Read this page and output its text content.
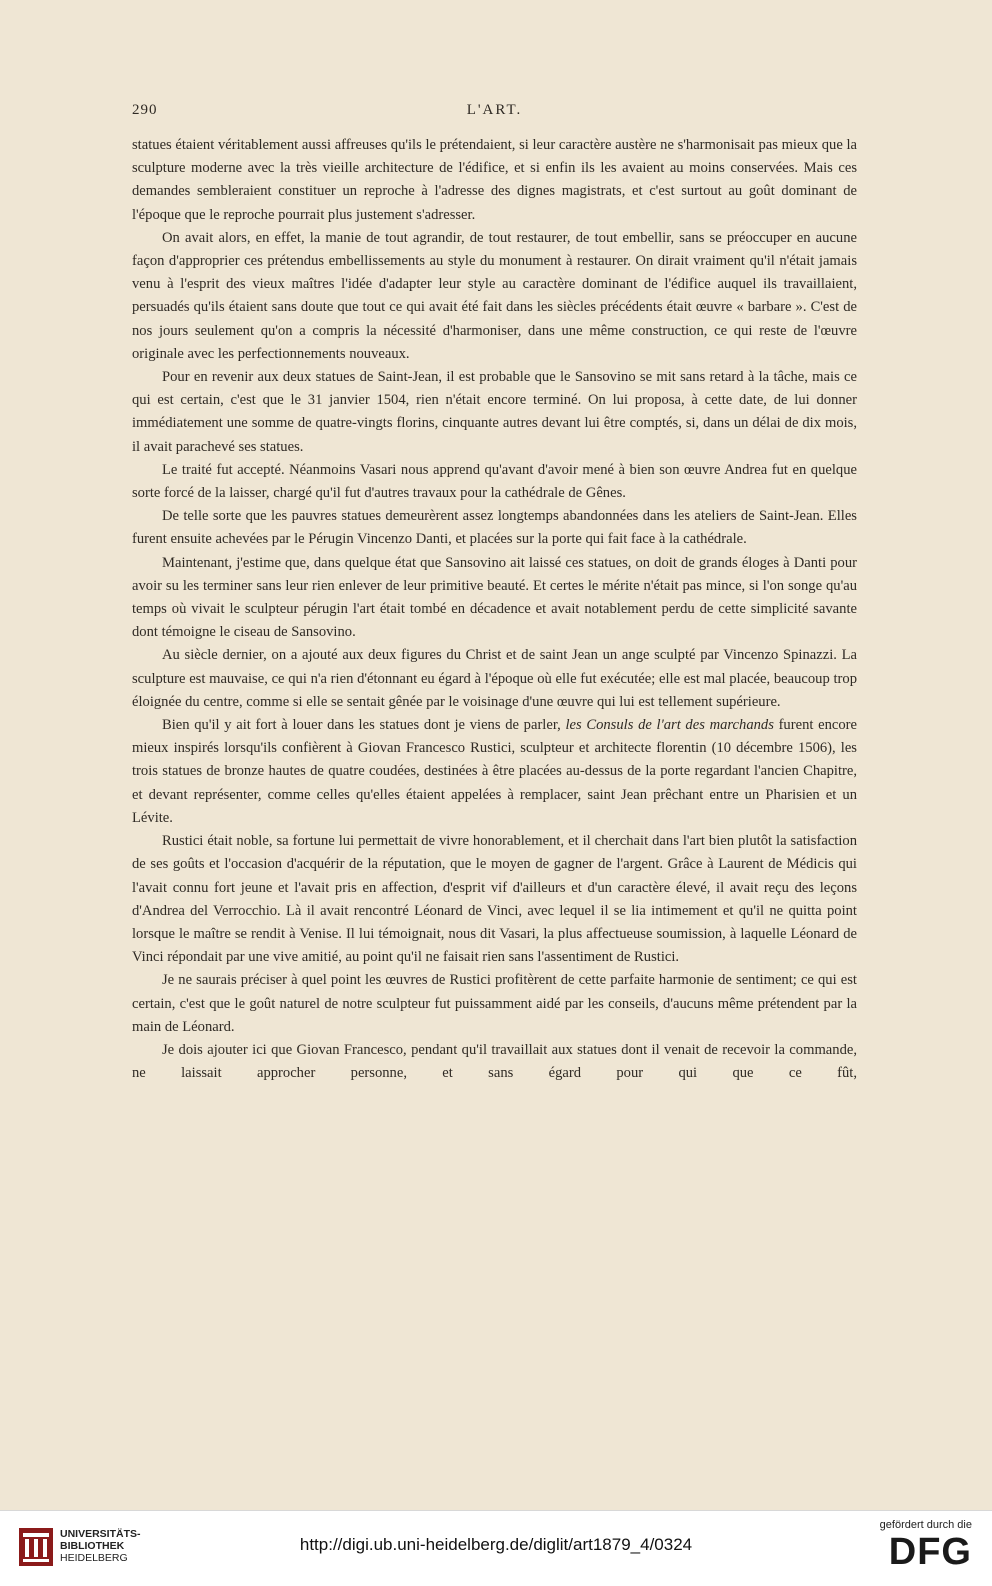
290	L'ART.

statues étaient véritablement aussi affreuses qu'ils le prétendaient, si leur caractère austère ne s'harmonisait pas mieux que la sculpture moderne avec la très vieille architecture de l'édifice, et si enfin ils les avaient au moins conservées. Mais ces demandes sembleraient constituer un reproche à l'adresse des dignes magistrats, et c'est surtout au goût dominant de l'époque que le reproche pourrait plus justement s'adresser.

On avait alors, en effet, la manie de tout agrandir, de tout restaurer, de tout embellir, sans se préoccuper en aucune façon d'approprier ces prétendus embellissements au style du monument à restaurer. On dirait vraiment qu'il n'était jamais venu à l'esprit des vieux maîtres l'idée d'adapter leur style au caractère dominant de l'édifice auquel ils travaillaient, persuadés qu'ils étaient sans doute que tout ce qui avait été fait dans les siècles précédents était œuvre « barbare ». C'est de nos jours seulement qu'on a compris la nécessité d'harmoniser, dans une même construction, ce qui reste de l'œuvre originale avec les perfectionnements nouveaux.

Pour en revenir aux deux statues de Saint-Jean, il est probable que le Sansovino se mit sans retard à la tâche, mais ce qui est certain, c'est que le 31 janvier 1504, rien n'était encore terminé. On lui proposa, à cette date, de lui donner immédiatement une somme de quatre-vingts florins, cinquante autres devant lui être comptés, si, dans un délai de dix mois, il avait parachevé ses statues.

Le traité fut accepté. Néanmoins Vasari nous apprend qu'avant d'avoir mené à bien son œuvre Andrea fut en quelque sorte forcé de la laisser, chargé qu'il fut d'autres travaux pour la cathédrale de Gênes.

De telle sorte que les pauvres statues demeurèrent assez longtemps abandonnées dans les ateliers de Saint-Jean. Elles furent ensuite achevées par le Pérugin Vincenzo Danti, et placées sur la porte qui fait face à la cathédrale.

Maintenant, j'estime que, dans quelque état que Sansovino ait laissé ces statues, on doit de grands éloges à Danti pour avoir su les terminer sans leur rien enlever de leur primitive beauté. Et certes le mérite n'était pas mince, si l'on songe qu'au temps où vivait le sculpteur pérugin l'art était tombé en décadence et avait notablement perdu de cette simplicité savante dont témoigne le ciseau de Sansovino.

Au siècle dernier, on a ajouté aux deux figures du Christ et de saint Jean un ange sculpté par Vincenzo Spinazzi. La sculpture est mauvaise, ce qui n'a rien d'étonnant eu égard à l'époque où elle fut exécutée; elle est mal placée, beaucoup trop éloignée du centre, comme si elle se sentait gênée par le voisinage d'une œuvre qui lui est tellement supérieure.

Bien qu'il y ait fort à louer dans les statues dont je viens de parler, les Consuls de l'art des marchands furent encore mieux inspirés lorsqu'ils confièrent à Giovan Francesco Rustici, sculpteur et architecte florentin (10 décembre 1506), les trois statues de bronze hautes de quatre coudées, destinées à être placées au-dessus de la porte regardant l'ancien Chapitre, et devant représenter, comme celles qu'elles étaient appelées à remplacer, saint Jean prêchant entre un Pharisien et un Lévite.

Rustici était noble, sa fortune lui permettait de vivre honorablement, et il cherchait dans l'art bien plutôt la satisfaction de ses goûts et l'occasion d'acquérir de la réputation, que le moyen de gagner de l'argent. Grâce à Laurent de Médicis qui l'avait connu fort jeune et l'avait pris en affection, d'esprit vif d'ailleurs et d'un caractère élevé, il avait reçu des leçons d'Andrea del Verrocchio. Là il avait rencontré Léonard de Vinci, avec lequel il se lia intimement et qu'il ne quitta point lorsque le maître se rendit à Venise. Il lui témoignait, nous dit Vasari, la plus affectueuse soumission, à laquelle Léonard de Vinci répondait par une vive amitié, au point qu'il ne faisait rien sans l'assentiment de Rustici.

Je ne saurais préciser à quel point les œuvres de Rustici profitèrent de cette parfaite harmonie de sentiment; ce qui est certain, c'est que le goût naturel de notre sculpteur fut puissamment aidé par les conseils, d'aucuns même prétendent par la main de Léonard.

Je dois ajouter ici que Giovan Francesco, pendant qu'il travaillait aux statues dont il venait de recevoir la commande, ne laissait approcher personne, et sans égard pour qui que ce fût,

UNIVERSITÄTS-
BIBLIOTHEK
HEIDELBERG
http://digi.ub.uni-heidelberg.de/diglit/art1879_4/0324
gefördert durch die
DFG
